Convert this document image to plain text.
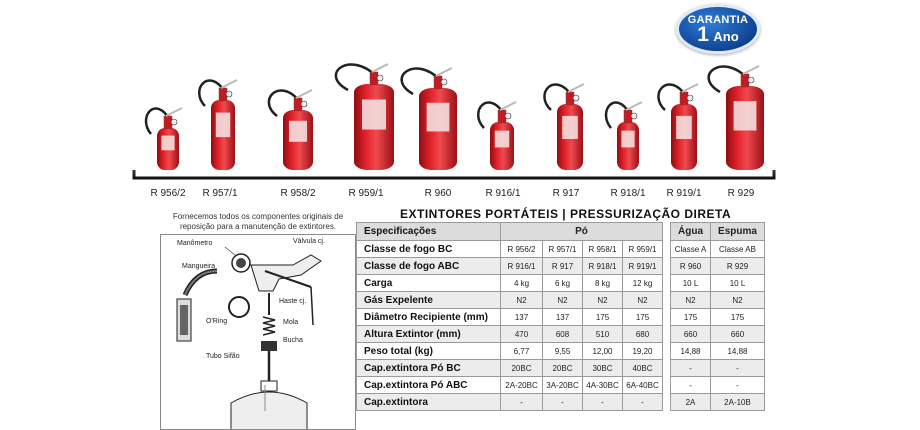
GARANTIA
1 Ano
R 956/2 R 957/1	R 958/2	R 959/1	R 960	R 916/1	R 917	R 918/1 R 919/1	R 929
Fornecemos todos os componentes originais de reposição para a manutenção de extintores.
Manômetro	Válvula cj.
Mangueira
Haste cj.
O'Ring	Mola
Bucha
Tubo Sifão
EXTINTORES PORTÁTEIS | PRESSURIZAÇÃO DIRETA
Especificações	Pó					Água	Espuma
Classe de fogo BC	R 956/2	R 957/1	R 958/1	R 959/1		Classe A	Classe AB
Classe de fogo ABC	R 916/1	R 917	R 918/1	R 919/1		R 960	R 929
Carga	4 kg	6 kg	8 kg	12 kg		10 L	10 L
Gás Expelente	N2	N2	N2	N2		N2	N2
Diâmetro Recipiente (mm)	137	137	175	175		175	175
Altura Extintor (mm)	470	608	510	680		660	660
Peso total (kg)	6,77	9,55	12,00	19,20		14,88	14,88
Cap.extintora Pó BC	20BC	20BC	30BC	40BC		-	-
Cap.extintora Pó ABC	2A-20BC	3A-20BC	4A-30BC	6A-40BC		-	-
Cap.extintora	-	-	-	-		2A	2A-10B
